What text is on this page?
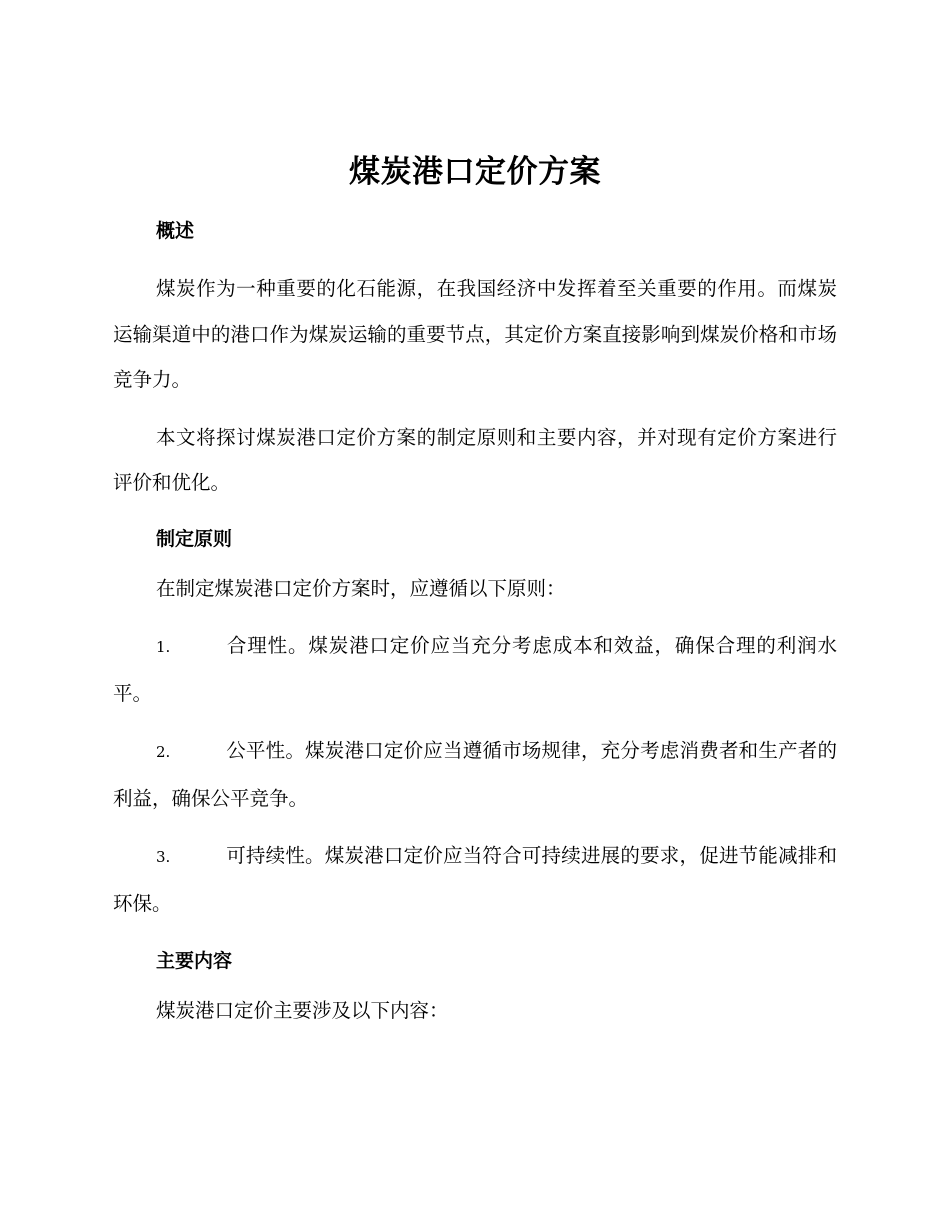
煤炭港口定价方案
概述

煤炭作为一种重要的化石能源，在我国经济中发挥着至关重要的作用。而煤炭运输渠道中的港口作为煤炭运输的重要节点，其定价方案直接影响到煤炭价格和市场竞争力。

本文将探讨煤炭港口定价方案的制定原则和主要内容，并对现有定价方案进行评价和优化。

制定原则

在制定煤炭港口定价方案时，应遵循以下原则：

1.	合理性。煤炭港口定价应当充分考虑成本和效益，确保合理的利润水平。

2.	公平性。煤炭港口定价应当遵循市场规律，充分考虑消费者和生产者的利益，确保公平竞争。

3.	可持续性。煤炭港口定价应当符合可持续进展的要求，促进节能减排和环保。

主要内容

煤炭港口定价主要涉及以下内容：
